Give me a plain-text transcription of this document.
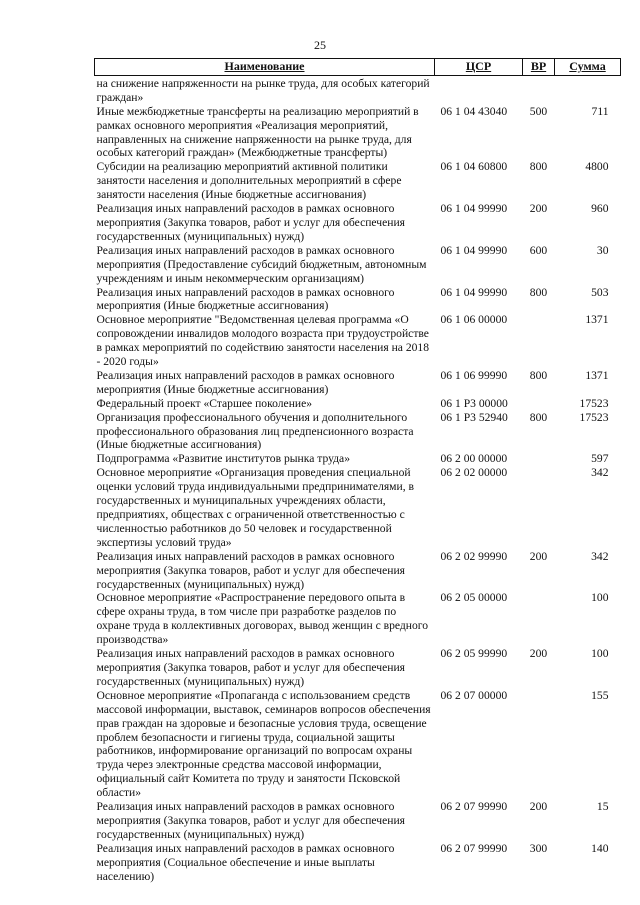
25
Наименование	ЦСР	ВР	Сумма
на снижение напряженности на рынке труда, для особых категорий граждан»			
Иные межбюджетные трансферты на реализацию мероприятий в рамках основного мероприятия «Реализация мероприятий, направленных на снижение напряженности на рынке труда, для особых категорий граждан» (Межбюджетные трансферты)	06 1 04 43040	500	711
Субсидии на реализацию мероприятий активной политики занятости населения и дополнительных мероприятий в сфере занятости населения (Иные бюджетные ассигнования)	06 1 04 60800	800	4800
Реализация иных направлений расходов в рамках основного мероприятия (Закупка товаров, работ и услуг для обеспечения государственных (муниципальных) нужд)	06 1 04 99990	200	960
Реализация иных направлений расходов в рамках основного мероприятия (Предоставление субсидий бюджетным, автономным учреждениям и иным некоммерческим организациям)	06 1 04 99990	600	30
Реализация иных направлений расходов в рамках основного мероприятия (Иные бюджетные ассигнования)	06 1 04 99990	800	503
Основное мероприятие "Ведомственная целевая программа «О сопровождении инвалидов молодого возраста при трудоустройстве в рамках мероприятий по содействию занятости населения на 2018 - 2020 годы»	06 1 06 00000		1371
Реализация иных направлений расходов в рамках основного мероприятия (Иные бюджетные ассигнования)	06 1 06 99990	800	1371
Федеральный проект «Старшее поколение»	06 1 P3 00000		17523
Организация профессионального обучения и дополнительного профессионального образования лиц предпенсионного возраста (Иные бюджетные ассигнования)	06 1 P3 52940	800	17523
Подпрограмма «Развитие институтов рынка труда»	06 2 00 00000		597
Основное мероприятие «Организация проведения специальной оценки условий труда индивидуальными предпринимателями, в государственных и муниципальных учреждениях области, предприятиях, обществах с ограниченной ответственностью с численностью работников до 50 человек и государственной экспертизы условий труда»	06 2 02 00000		342
Реализация иных направлений расходов в рамках основного мероприятия (Закупка товаров, работ и услуг для обеспечения государственных (муниципальных) нужд)	06 2 02 99990	200	342
Основное мероприятие «Распространение передового опыта в сфере охраны труда, в том числе при разработке разделов по охране труда в коллективных договорах, вывод женщин с вредного производства»	06 2 05 00000		100
Реализация иных направлений расходов в рамках основного мероприятия (Закупка товаров, работ и услуг для обеспечения государственных (муниципальных) нужд)	06 2 05 99990	200	100
Основное мероприятие «Пропаганда с использованием средств массовой информации, выставок, семинаров вопросов обеспечения прав граждан на здоровые и безопасные условия труда, освещение проблем безопасности и гигиены труда, социальной защиты работников, информирование организаций по вопросам охраны труда через электронные средства массовой информации, официальный сайт Комитета по труду и занятости Псковской области»	06 2 07 00000		155
Реализация иных направлений расходов в рамках основного мероприятия (Закупка товаров, работ и услуг для обеспечения государственных (муниципальных) нужд)	06 2 07 99990	200	15
Реализация иных направлений расходов в рамках основного мероприятия (Социальное обеспечение и иные выплаты населению)	06 2 07 99990	300	140
